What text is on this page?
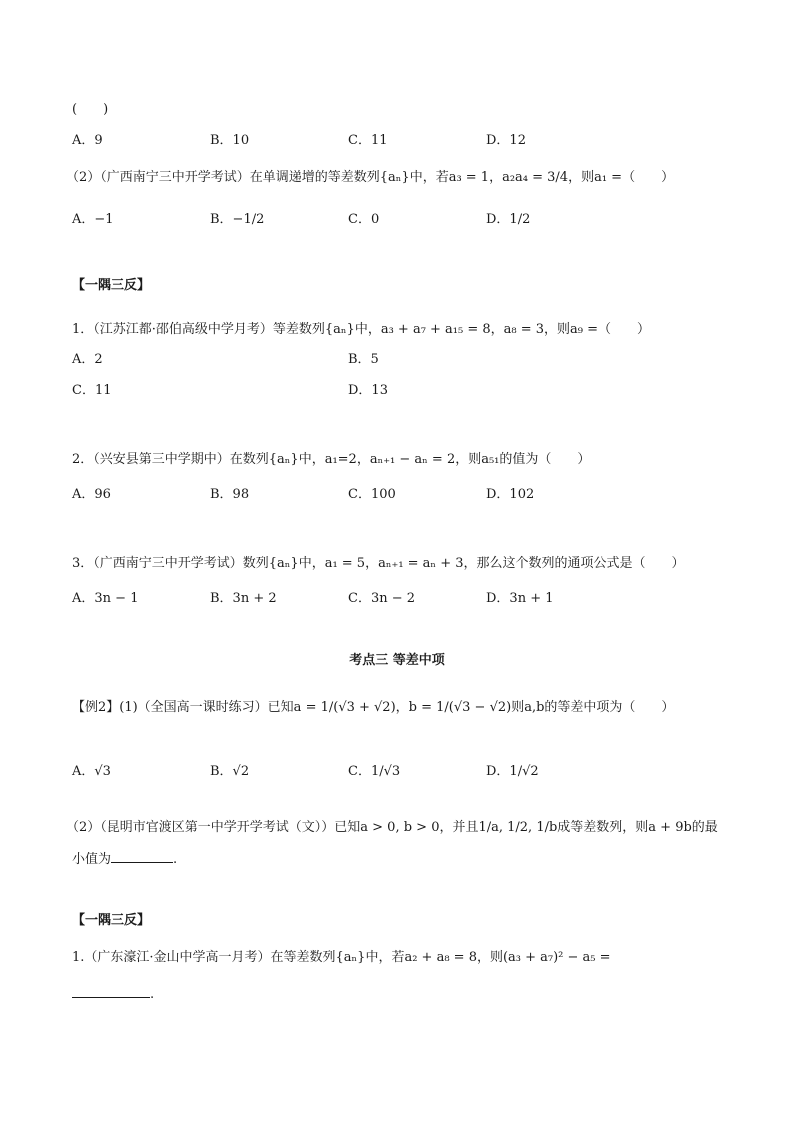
(　　)
A．9	B．10	C．11	D．12
（2）（广西南宁三中开学考试）在单调递增的等差数列{aₙ}中，若a₃ = 1，a₂a₄ = 3/4，则a₁ =（　　）
A．−1	B．−1/2	C．0	D．1/2
【一隅三反】
1．（江苏江都·邵伯高级中学月考）等差数列{aₙ}中，a₃ + a₇ + a₁₅ = 8，a₈ = 3，则a₉ =（　　）
A．2	B．5
C．11	D．13
2．（兴安县第三中学期中）在数列{aₙ}中，a₁=2，aₙ₊₁ − aₙ = 2，则a₅₁的值为（　　）
A．96	B．98	C．100	D．102
3．（广西南宁三中开学考试）数列{aₙ}中，a₁ = 5，aₙ₊₁ = aₙ + 3，那么这个数列的通项公式是（　　）
A．3n − 1	B．3n + 2	C．3n − 2	D．3n + 1
考点三 等差中项
【例2】(1)（全国高一课时练习）已知a = 1/(√3 + √2)，b = 1/(√3 − √2)则a,b的等差中项为（　　）
A．√3	B．√2	C．1/√3	D．1/√2
（2）（昆明市官渡区第一中学开学考试（文））已知a > 0, b > 0，并且1/a, 1/2, 1/b成等差数列，则a + 9b的最
小值为	.
【一隅三反】
1.（广东濠江·金山中学高一月考）在等差数列{aₙ}中，若a₂ + a₈ = 8，则(a₃ + a₇)² − a₅ =
.
